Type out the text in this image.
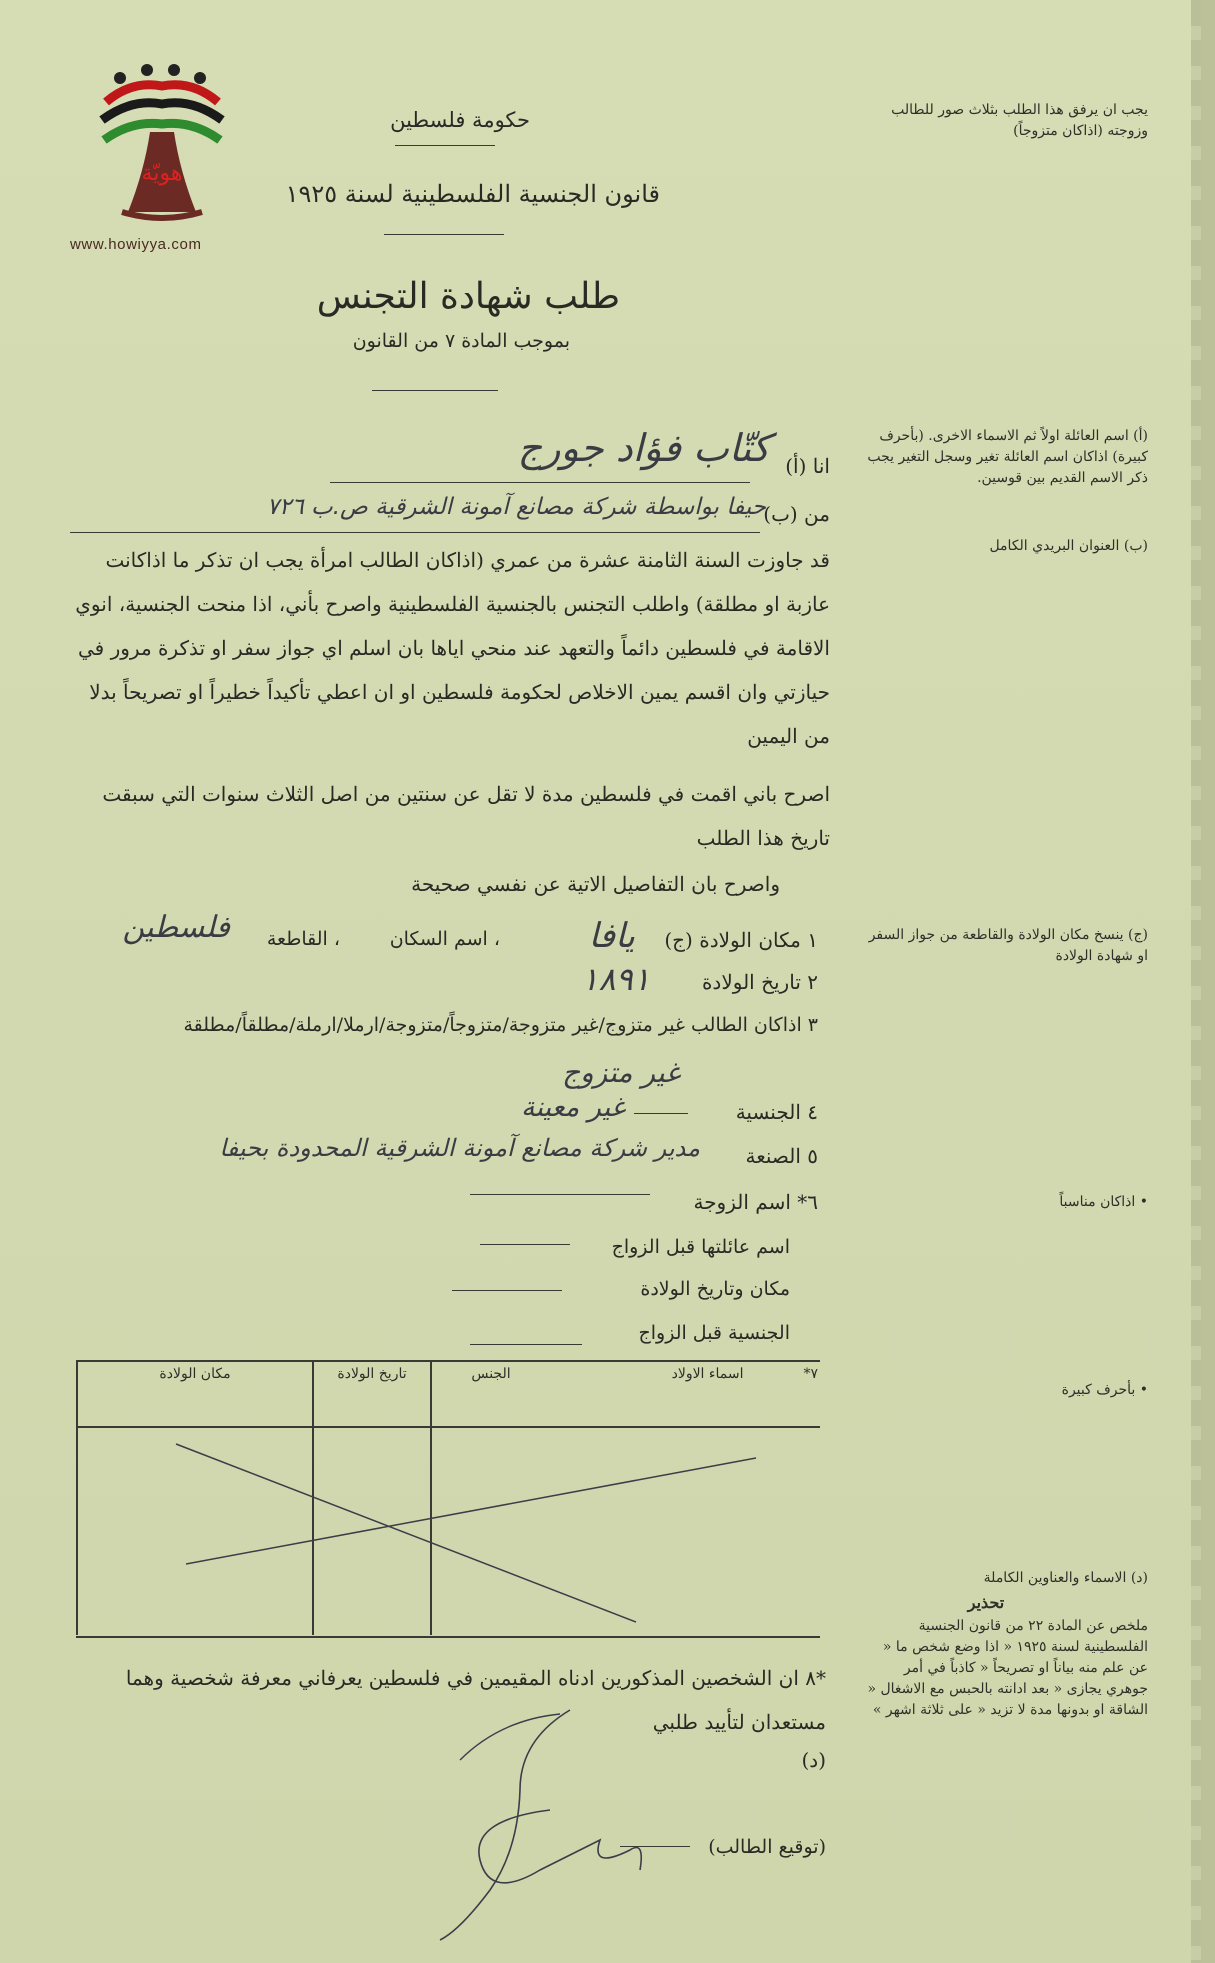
هويّة
www.howiyya.com
حكومة فلسطين
قانون الجنسية الفلسطينية لسنة ١٩٢٥
طلب شهادة التجنس
بموجب المادة ٧ من القانون
يجب ان يرفق هذا الطلب بثلاث صور للطالب وزوجته (اذاكان متزوجاً)
(أ) اسم العائلة اولاً ثم الاسماء الاخرى. (بأحرف كبيرة) اذاكان اسم العائلة تغير وسجل التغير يجب ذكر الاسم القديم بين قوسين.
(ب) العنوان البريدي الكامل
(ج) ينسخ مكان الولادة والقاطعة من جواز السفر او شهادة الولادة
• اذاكان مناسباً
• بأحرف كبيرة
(د) الاسماء والعناوين الكاملة
تحذير
ملخص عن المادة ٢٢ من قانون الجنسية الفلسطينية لسنة ١٩٢٥ « اذا وضع شخص ما « عن علم منه بياناً او تصريحاً « كاذباً في أمر جوهري يجازى « بعد ادانته بالحبس مع الاشغال « الشاقة او بدونها مدة لا تزيد « على ثلاثة اشهر »
انا (أ)
كتّاب فؤاد جورج
من (ب)
حيفا بواسطة شركة مصانع آمونة الشرقية ص.ب ٧٢٦
قد جاوزت السنة الثامنة عشرة من عمري (اذاكان الطالب امرأة يجب ان تذكر ما اذاكانت عازبة او مطلقة) واطلب التجنس بالجنسية الفلسطينية واصرح بأني، اذا منحت الجنسية، انوي الاقامة في فلسطين دائماً والتعهد عند منحي اياها بان اسلم اي جواز سفر او تذكرة مرور في حيازتي وان اقسم يمين الاخلاص لحكومة فلسطين او ان اعطي تأكيداً خطيراً او تصريحاً بدلا من اليمين
اصرح باني اقمت في فلسطين مدة لا تقل عن سنتين من اصل الثلاث سنوات التي سبقت تاريخ هذا الطلب
واصرح بان التفاصيل الاتية عن نفسي صحيحة
١ مكان الولادة (ج)
يافا
، اسم السكان
، القاطعة
فلسطين
٢ تاريخ الولادة
١٨٩١
٣ اذاكان الطالب غير متزوج/غير متزوجة/متزوجاً/متزوجة/ارملا/ارملة/مطلقاً/مطلقة
غير متزوج
٤ الجنسية
غير معينة
٥ الصنعة
مدير شركة مصانع آمونة الشرقية المحدودة بحيفا
٦* اسم الزوجة
اسم عائلتها قبل الزواج
مكان وتاريخ الولادة
الجنسية قبل الزواج
٧*
اسماء الاولاد	الجنس	تاريخ الولادة	مكان الولادة

*٨ ان الشخصين المذكورين ادناه المقيمين في فلسطين يعرفاني معرفة شخصية وهما مستعدان لتأييد طلبي
(د)
(توقيع الطالب)
